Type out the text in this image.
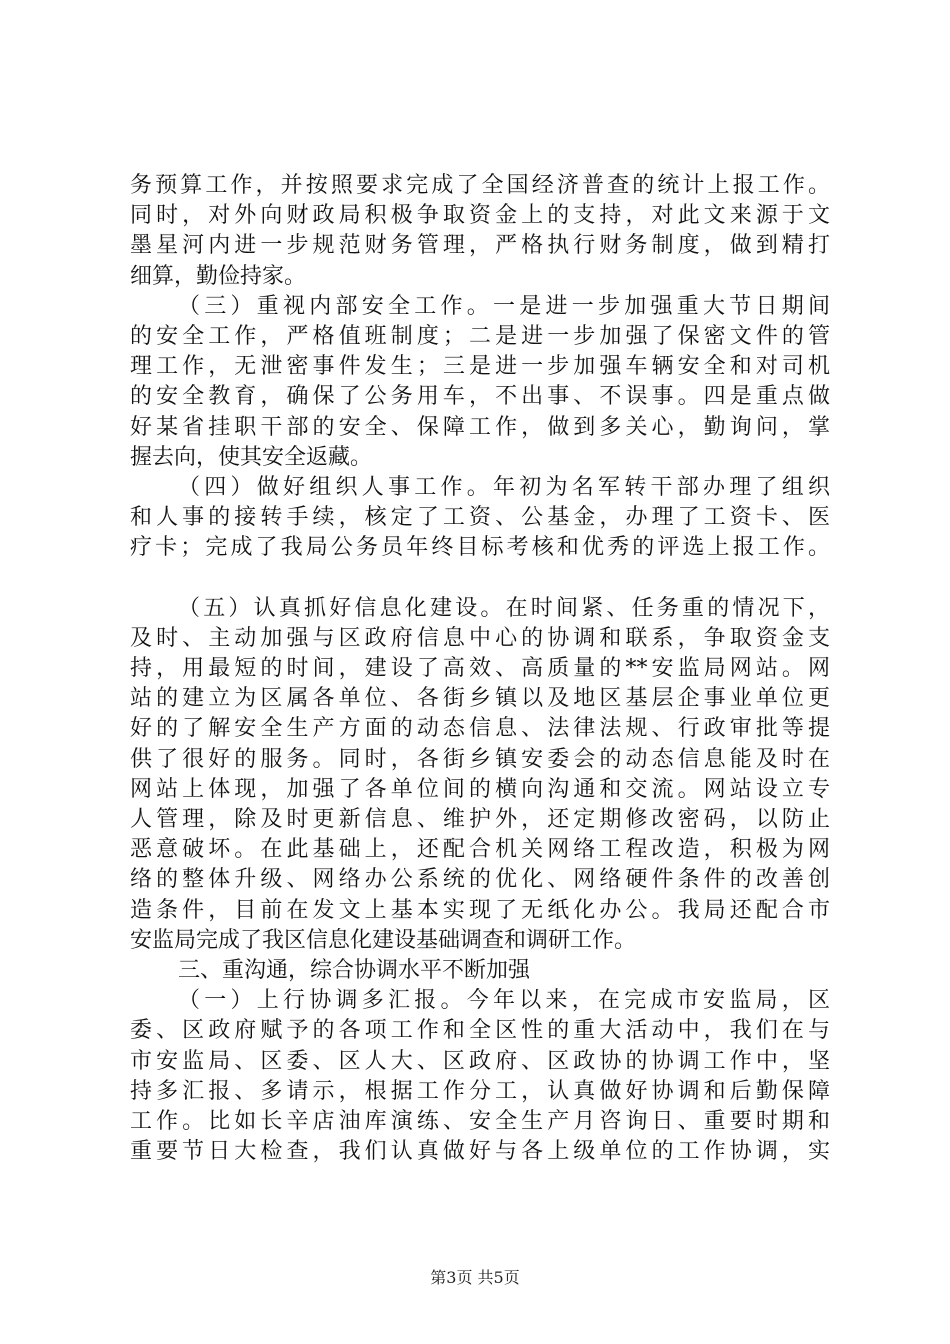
务预算工作，并按照要求完成了全国经济普查的统计上报工作。
同时，对外向财政局积极争取资金上的支持，对此文来源于文
墨星河内进一步规范财务管理，严格执行财务制度，做到精打
细算，勤俭持家。
（三）重视内部安全工作。一是进一步加强重大节日期间
的安全工作，严格值班制度；二是进一步加强了保密文件的管
理工作，无泄密事件发生；三是进一步加强车辆安全和对司机
的安全教育，确保了公务用车，不出事、不误事。四是重点做
好某省挂职干部的安全、保障工作，做到多关心，勤询问，掌
握去向，使其安全返藏。
（四）做好组织人事工作。年初为名军转干部办理了组织
和人事的接转手续，核定了工资、公基金，办理了工资卡、医
疗卡；完成了我局公务员年终目标考核和优秀的评选上报工作。
（五）认真抓好信息化建设。在时间紧、任务重的情况下，
及时、主动加强与区政府信息中心的协调和联系，争取资金支
持，用最短的时间，建设了高效、高质量的**安监局网站。网
站的建立为区属各单位、各街乡镇以及地区基层企事业单位更
好的了解安全生产方面的动态信息、法律法规、行政审批等提
供了很好的服务。同时，各街乡镇安委会的动态信息能及时在
网站上体现，加强了各单位间的横向沟通和交流。网站设立专
人管理，除及时更新信息、维护外，还定期修改密码，以防止
恶意破坏。在此基础上，还配合机关网络工程改造，积极为网
络的整体升级、网络办公系统的优化、网络硬件条件的改善创
造条件，目前在发文上基本实现了无纸化办公。我局还配合市
安监局完成了我区信息化建设基础调查和调研工作。
三、重沟通，综合协调水平不断加强
（一）上行协调多汇报。今年以来，在完成市安监局，区
委、区政府赋予的各项工作和全区性的重大活动中，我们在与
市安监局、区委、区人大、区政府、区政协的协调工作中，坚
持多汇报、多请示，根据工作分工，认真做好协调和后勤保障
工作。比如长辛店油库演练、安全生产月咨询日、重要时期和
重要节日大检查，我们认真做好与各上级单位的工作协调，实
第3页 共5页
